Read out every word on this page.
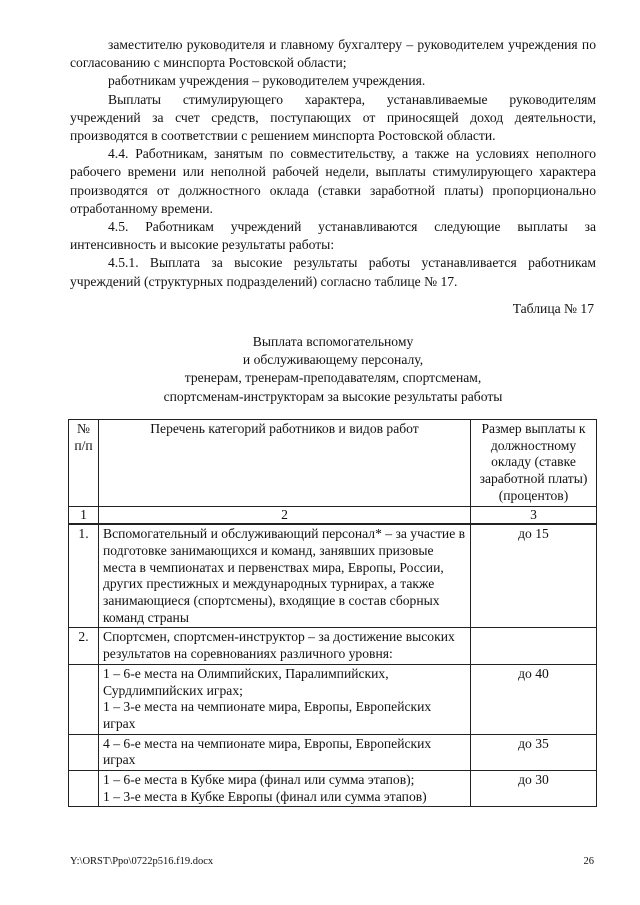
заместителю руководителя и главному бухгалтеру – руководителем учреждения по согласованию с минспорта Ростовской области;

работникам учреждения – руководителем учреждения.

Выплаты стимулирующего характера, устанавливаемые руководителям учреждений за счет средств, поступающих от приносящей доход деятельности, производятся в соответствии с решением минспорта Ростовской области.

4.4. Работникам, занятым по совместительству, а также на условиях неполного рабочего времени или неполной рабочей недели, выплаты стимулирующего характера производятся от должностного оклада (ставки заработной платы) пропорционально отработанному времени.

4.5. Работникам учреждений устанавливаются следующие выплаты за интенсивность и высокие результаты работы:

4.5.1. Выплата за высокие результаты работы устанавливается работникам учреждений (структурных подразделений) согласно таблице № 17.

Таблица № 17
Выплата вспомогательному
и обслуживающему персоналу,
тренерам, тренерам-преподавателям, спортсменам,
спортсменам-инструкторам за высокие результаты работы
№ п/п	Перечень категорий работников и видов работ	Размер выплаты к должностному окладу (ставке заработной платы) (процентов)
1	2	3
1.	Вспомогательный и обслуживающий персонал* – за участие в подготовке занимающихся и команд, занявших призовые места в чемпионатах и первенствах мира, Европы, России, других престижных и международных турнирах, а также занимающиеся (спортсмены), входящие в состав сборных команд страны	до 15
2.	Спортсмен, спортсмен-инструктор – за достижение высоких результатов на соревнованиях различного уровня:	

	1 – 6-е места на Олимпийских, Паралимпийских, Сурдлимпийских играх;
1 – 3-е места на чемпионате мира, Европы, Европейских играх	до 40
	4 – 6-е места на чемпионате мира, Европы, Европейских играх	до 35

	1 – 6-е места в Кубке мира (финал или сумма этапов);
1 – 3-е места в Кубке Европы (финал или сумма этапов)	до 30
Y:\ORST\Ppo\0722p516.f19.docx	26
